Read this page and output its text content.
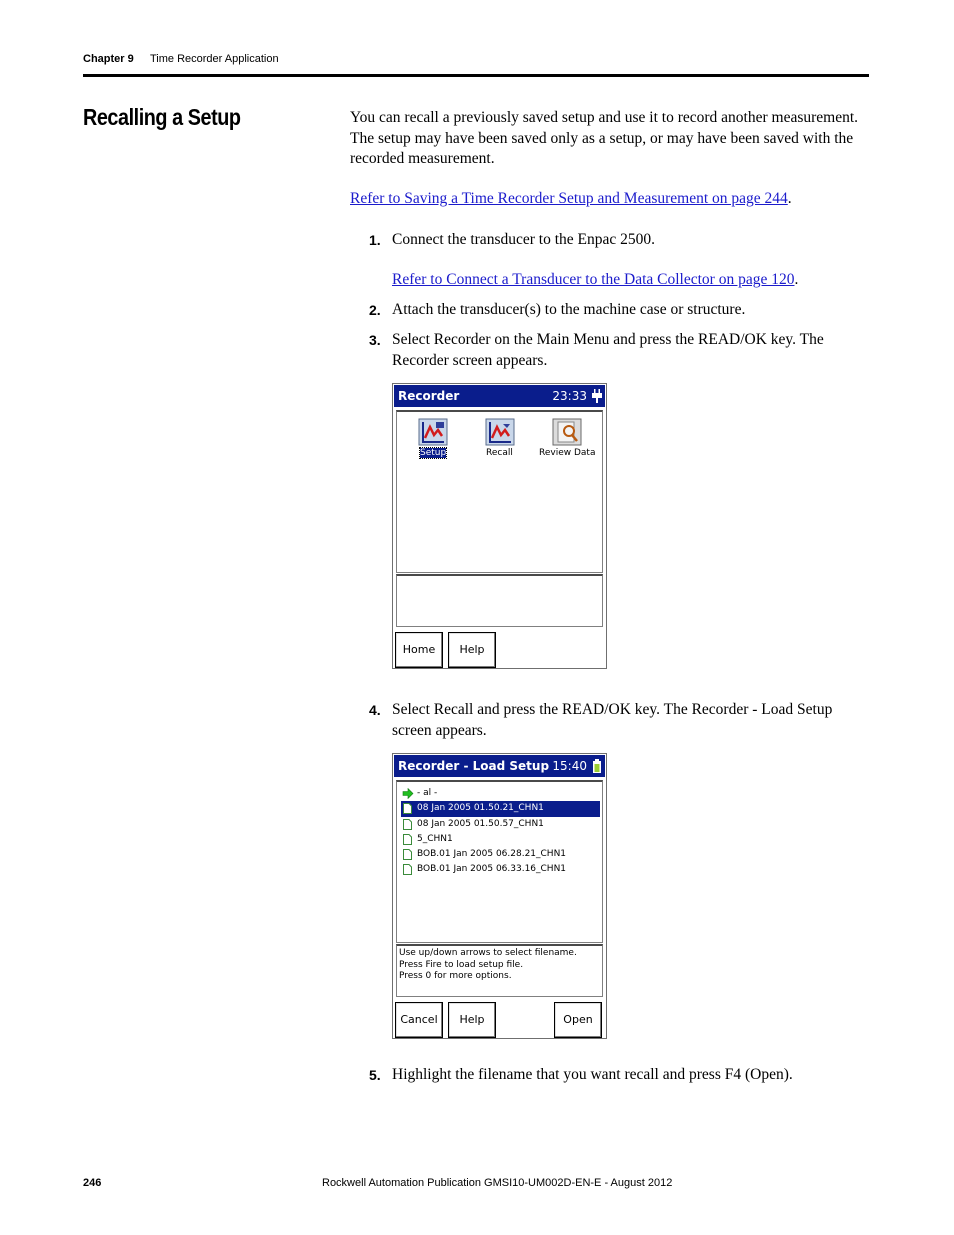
Chapter 9 Time Recorder Application
Recalling a Setup	You can recall a previously saved setup and use it to record another measurement. The setup may have been saved only as a setup, or may have been saved with the recorded measurement.
Refer to Saving a Time Recorder Setup and Measurement on page 244.
1. Connect the transducer to the Enpac 2500.
Refer to Connect a Transducer to the Data Collector on page 120.
2. Attach the transducer(s) to the machine case or structure.
3. Select Recorder on the Main Menu and press the READ/OK key. The Recorder screen appears.
Recorder	23:33
Setup	Recall	Review Data
Home	Help
4. Select Recall and press the READ/OK key. The Recorder - Load Setup screen appears.
Recorder - Load Setup 15:40
- al -
08 Jan 2005 01.50.21_CHN1
08 Jan 2005 01.50.57_CHN1
5_CHN1
BOB.01 Jan 2005 06.28.21_CHN1
BOB.01 Jan 2005 06.33.16_CHN1
Use up/down arrows to select filename.
Press Fire to load setup file.
Press 0 for more options.
Cancel	Help	Open
5. Highlight the filename that you want recall and press F4 (Open).
246	Rockwell Automation Publication GMSI10-UM002D-EN-E - August 2012
